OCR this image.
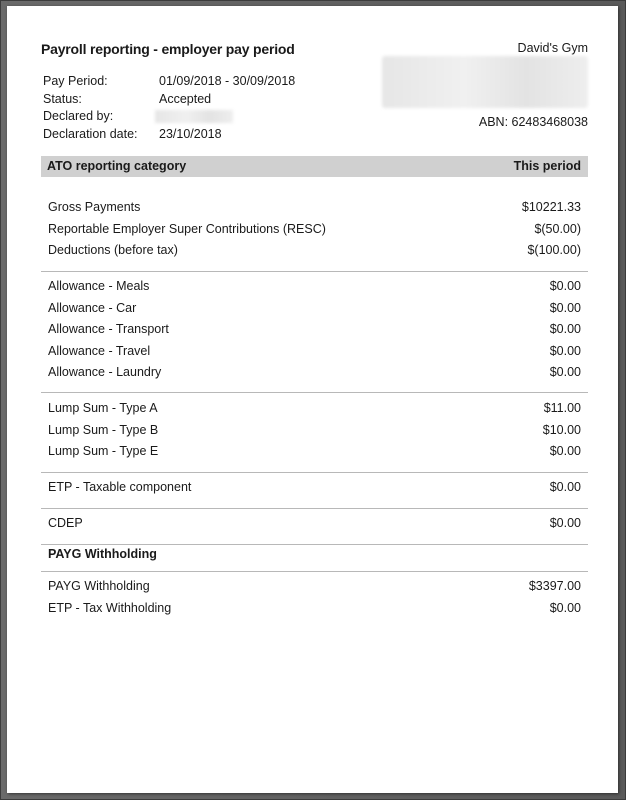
Payroll reporting - employer pay period	David's Gym
ABN: 62483468038
Pay Period:	01/09/2018 - 30/09/2018
Status:	Accepted
Declared by:
Declaration date: 23/10/2018
ATO reporting category	This period
Gross Payments	$10221.33
Reportable Employer Super Contributions (RESC)	$(50.00)
Deductions (before tax)	$(100.00)
Allowance - Meals	$0.00
Allowance - Car	$0.00
Allowance - Transport	$0.00
Allowance - Travel	$0.00
Allowance - Laundry	$0.00
Lump Sum - Type A	$11.00
Lump Sum - Type B	$10.00
Lump Sum - Type E	$0.00
ETP - Taxable component	$0.00
CDEP	$0.00
PAYG Withholding
PAYG Withholding	$3397.00
ETP - Tax Withholding	$0.00
